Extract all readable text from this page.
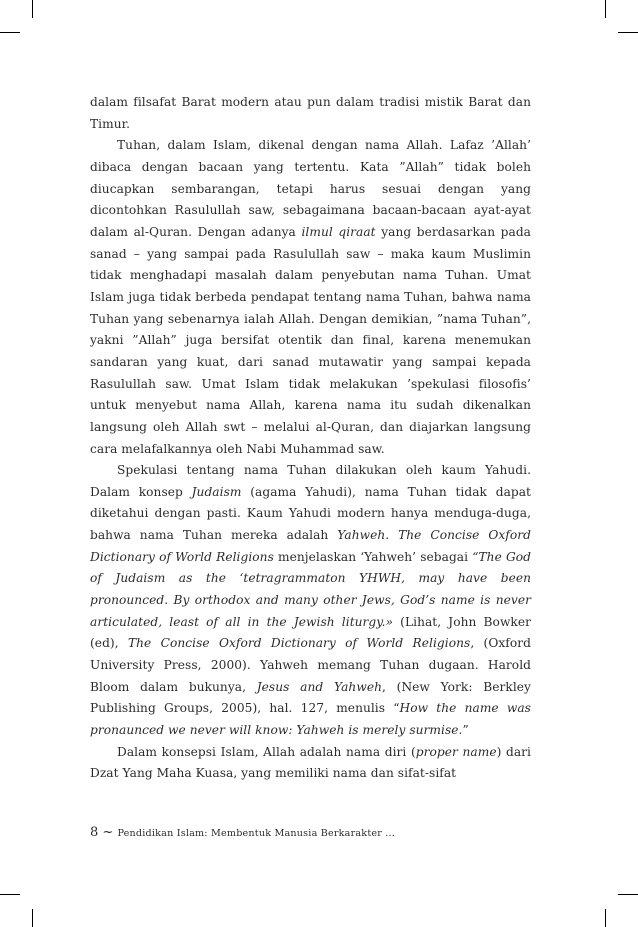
dalam filsafat Barat modern atau pun dalam tradisi mistik Barat dan Timur.

Tuhan, dalam Islam, dikenal dengan nama Allah. Lafaz ’Allah’ dibaca dengan bacaan yang tertentu. Kata ”Allah” tidak boleh diucapkan sembarangan, tetapi harus sesuai dengan yang dicontohkan Rasulullah saw, sebagaimana bacaan-bacaan ayat-ayat dalam al-Quran. Dengan adanya ilmul qiraat yang berdasarkan pada sanad – yang sampai pada Rasulullah saw – maka kaum Muslimin tidak menghadapi masalah dalam penyebutan nama Tuhan. Umat Islam juga tidak berbeda pendapat tentang nama Tuhan, bahwa nama Tuhan yang sebenarnya ialah Allah. Dengan demikian, ”nama Tuhan”, yakni ”Allah” juga bersifat otentik dan final, karena menemukan sandaran yang kuat, dari sanad mutawatir yang sampai kepada Rasulullah saw. Umat Islam tidak melakukan ’spekulasi filosofis’ untuk menyebut nama Allah, karena nama itu sudah dikenalkan langsung oleh Allah swt – melalui al-Quran, dan diajarkan langsung cara melafalkannya oleh Nabi Muhammad saw.

Spekulasi tentang nama Tuhan dilakukan oleh kaum Yahudi. Dalam konsep Judaism (agama Yahudi), nama Tuhan tidak dapat diketahui dengan pasti. Kaum Yahudi modern hanya menduga-duga, bahwa nama Tuhan mereka adalah Yahweh. The Concise Oxford Dictionary of World Religions menjelaskan ‘Yahweh’ sebagai “The God of Judaism as the ‘tetragrammaton YHWH, may have been pronounced. By orthodox and many other Jews, God’s name is never articulated, least of all in the Jewish liturgy.» (Lihat, John Bowker (ed), The Concise Oxford Dictionary of World Religions, (Oxford University Press, 2000). Yahweh memang Tuhan dugaan. Harold Bloom dalam bukunya, Jesus and Yahweh, (New York: Berkley Publishing Groups, 2005), hal. 127, menulis “How the name was pronaunced we never will know: Yahweh is merely surmise.”

Dalam konsepsi Islam, Allah adalah nama diri (proper name) dari Dzat Yang Maha Kuasa, yang memiliki nama dan sifat-sifat

8 ~ Pendidikan Islam: Membentuk Manusia Berkarakter ...
